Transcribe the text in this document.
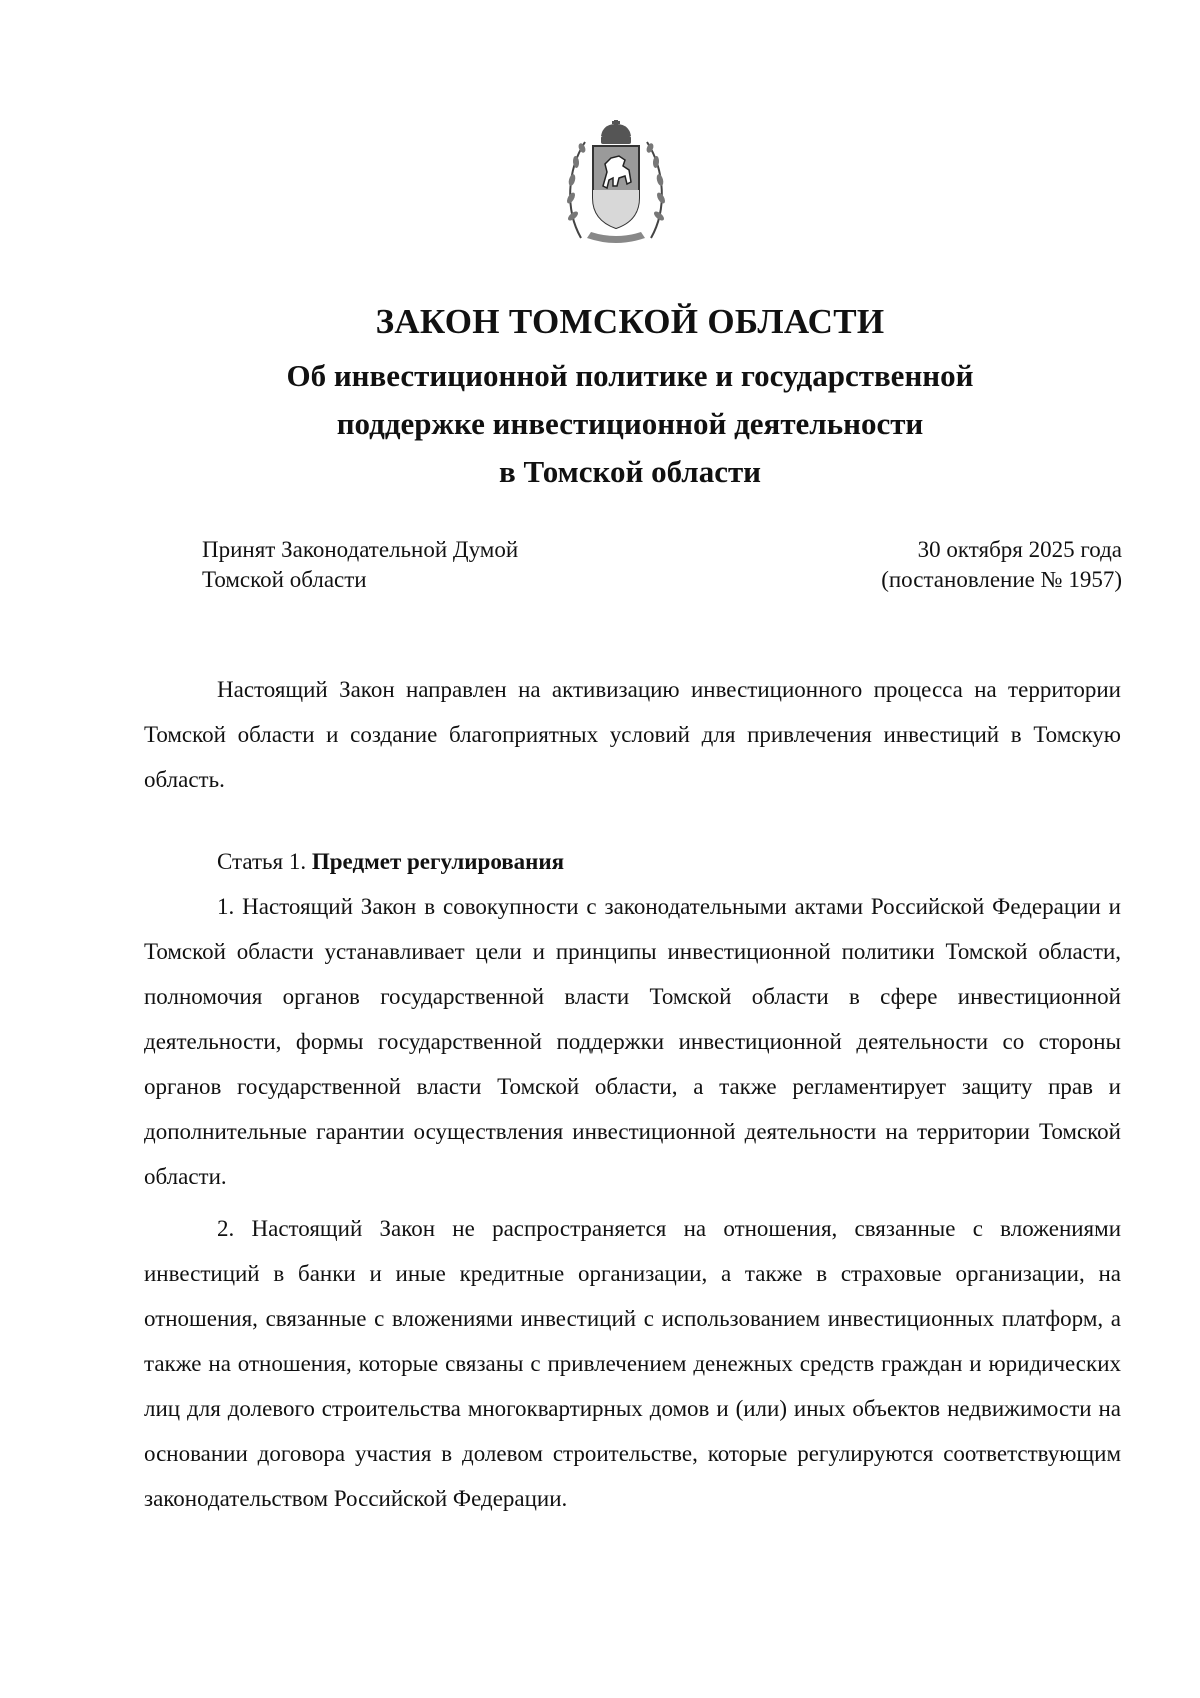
ЗАКОН ТОМСКОЙ ОБЛАСТИ
Об инвестиционной политике и государственной
поддержке инвестиционной деятельности
в Томской области
Принят Законодательной Думой
Томской области
30 октября 2025 года
(постановление № 1957)

Настоящий Закон направлен на активизацию инвестиционного процесса на территории Томской области и создание благоприятных условий для привлечения инвестиций в Томскую область.

Статья 1. Предмет регулирования

1. Настоящий Закон в совокупности с законодательными актами Российской Федерации и Томской области устанавливает цели и принципы инвестиционной политики Томской области, полномочия органов государственной власти Томской области в сфере инвестиционной деятельности, формы государственной поддержки инвестиционной деятельности со стороны органов государственной власти Томской области, а также регламентирует защиту прав и дополнительные гарантии осуществления инвестиционной деятельности на территории Томской области.

2. Настоящий Закон не распространяется на отношения, связанные с вложениями инвестиций в банки и иные кредитные организации, а также в страховые организации, на отношения, связанные с вложениями инвестиций с использованием инвестиционных платформ, а также на отношения, которые связаны с привлечением денежных средств граждан и юридических лиц для долевого строительства многоквартирных домов и (или) иных объектов недвижимости на основании договора участия в долевом строительстве, которые регулируются соответствующим законодательством Российской Федерации.
